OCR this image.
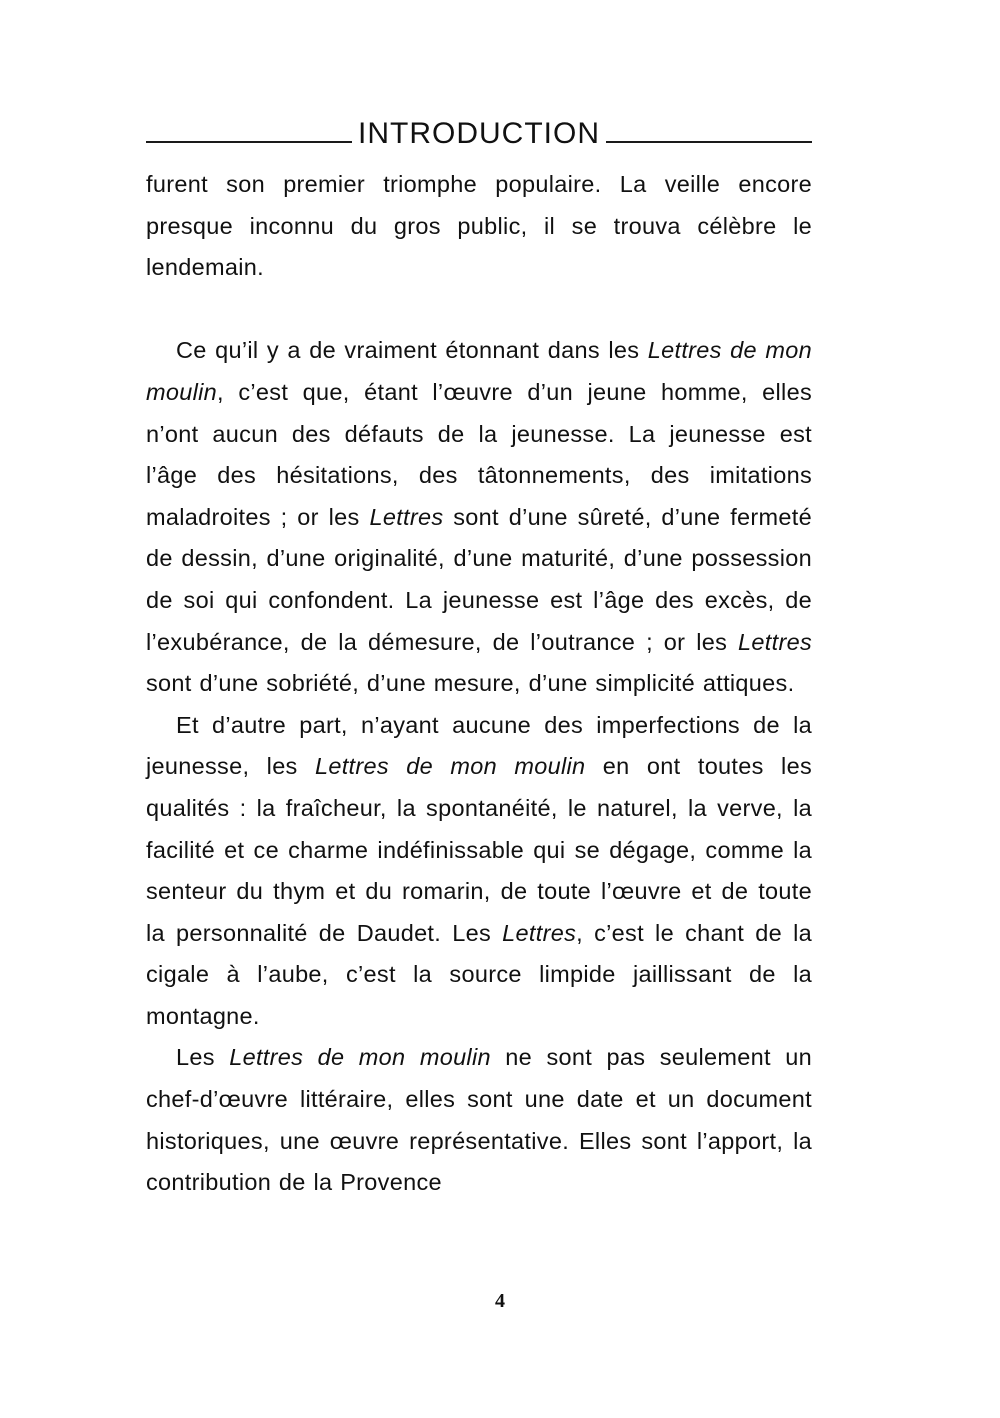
INTRODUCTION

furent son premier triomphe populaire. La veille encore presque inconnu du gros public, il se trouva célèbre le lendemain.

Ce qu’il y a de vraiment étonnant dans les Lettres de mon moulin, c’est que, étant l’œuvre d’un jeune homme, elles n’ont aucun des défauts de la jeunesse. La jeunesse est l’âge des hésitations, des tâtonnements, des imitations maladroites ; or les Lettres sont d’une sûreté, d’une fermeté de dessin, d’une originalité, d’une maturité, d’une possession de soi qui confondent. La jeunesse est l’âge des excès, de l’exubérance, de la démesure, de l’outrance ; or les Lettres sont d’une sobriété, d’une mesure, d’une simplicité attiques.

Et d’autre part, n’ayant aucune des imperfections de la jeunesse, les Lettres de mon moulin en ont toutes les qualités : la fraîcheur, la spontanéité, le naturel, la verve, la facilité et ce charme indéfinissable qui se dégage, comme la senteur du thym et du romarin, de toute l’œuvre et de toute la personnalité de Daudet. Les Lettres, c’est le chant de la cigale à l’aube, c’est la source limpide jaillissant de la montagne.

Les Lettres de mon moulin ne sont pas seulement un chef-d’œuvre littéraire, elles sont une date et un document historiques, une œuvre représentative. Elles sont l’apport, la contribution de la Provence

4
